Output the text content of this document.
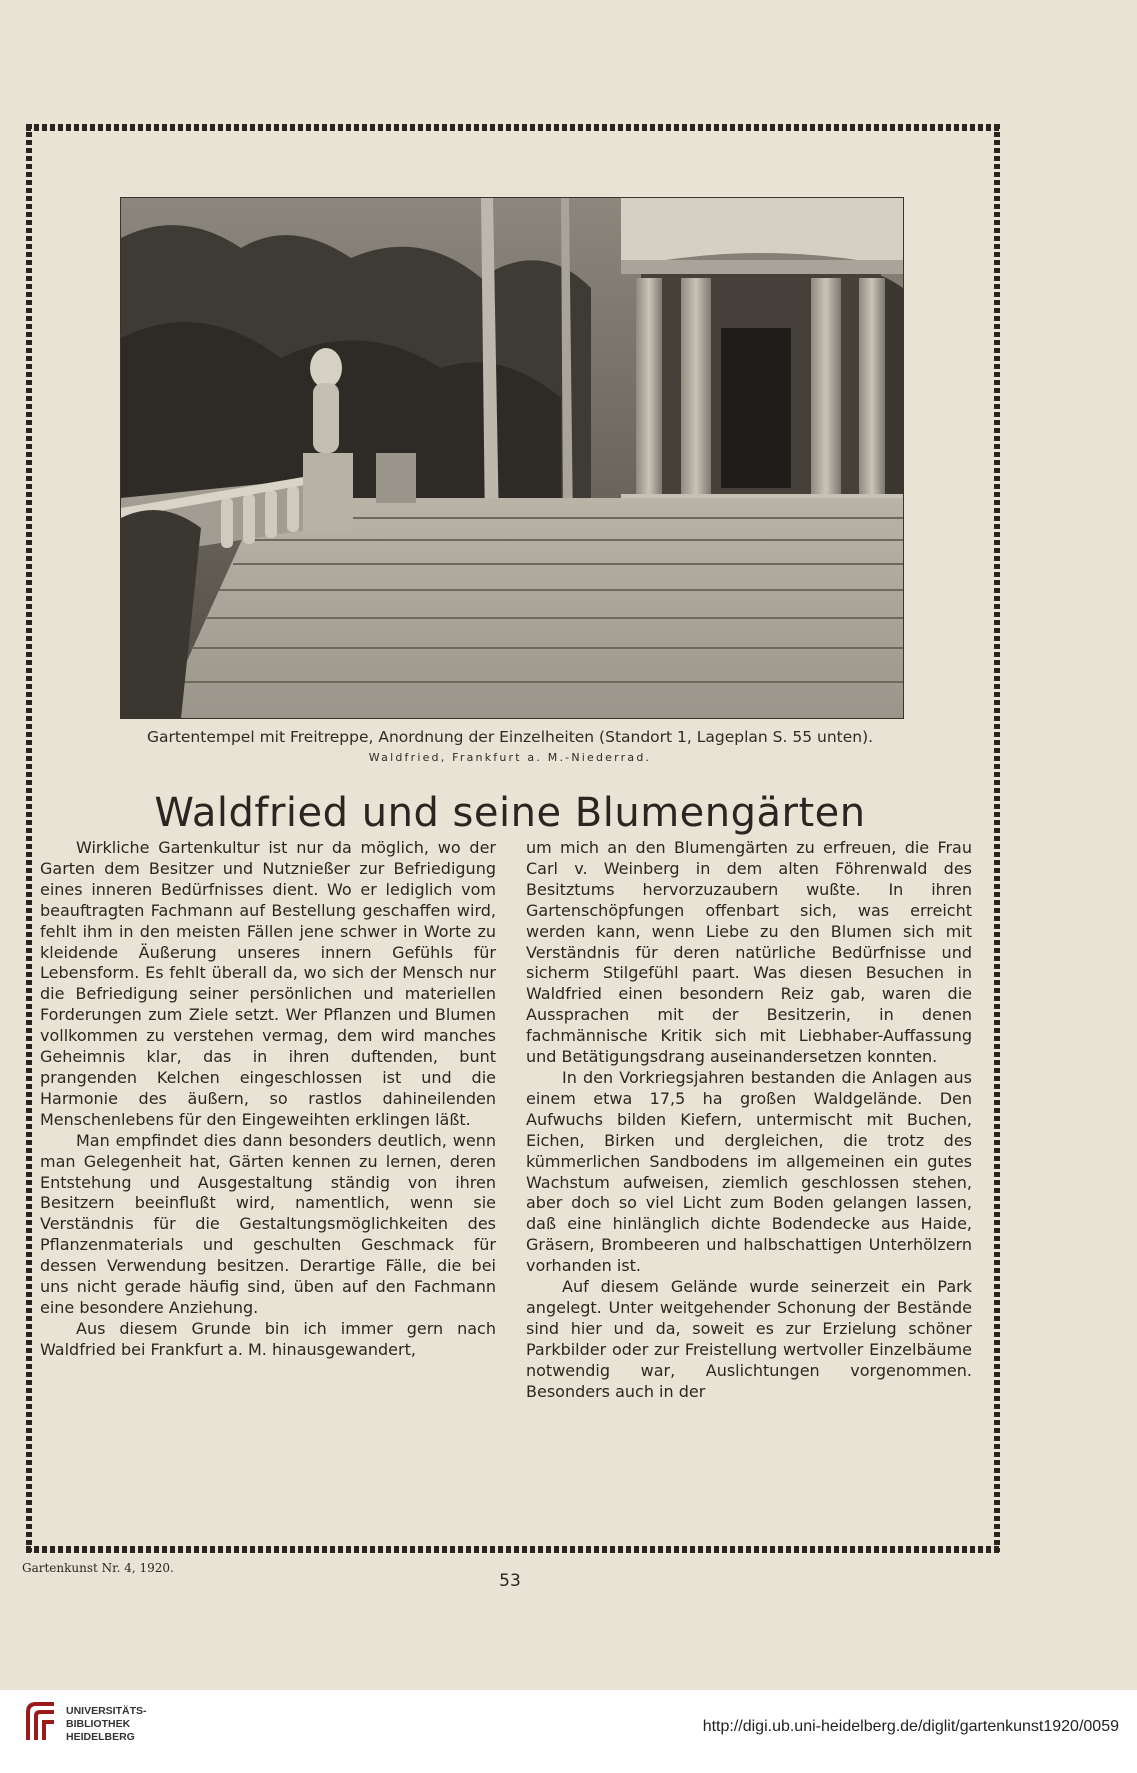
Gartentempel mit Freitreppe, Anordnung der Einzelheiten (Standort 1, Lageplan S. 55 unten).
Waldfried, Frankfurt a. M.-Niederrad.
Waldfried und seine Blumengärten

Wirkliche Gartenkultur ist nur da möglich, wo der Garten dem Besitzer und Nutznießer zur Befriedigung eines inneren Bedürfnisses dient. Wo er lediglich vom beauftragten Fachmann auf Bestellung geschaffen wird, fehlt ihm in den meisten Fällen jene schwer in Worte zu kleidende Äußerung unseres innern Gefühls für Lebensform. Es fehlt überall da, wo sich der Mensch nur die Befriedigung seiner persönlichen und materiellen Forderungen zum Ziele setzt. Wer Pflanzen und Blumen vollkommen zu verstehen vermag, dem wird manches Geheimnis klar, das in ihren duftenden, bunt prangenden Kelchen eingeschlossen ist und die Harmonie des äußern, so rastlos dahineilenden Menschenlebens für den Eingeweihten erklingen läßt.

Man empfindet dies dann besonders deutlich, wenn man Gelegenheit hat, Gärten kennen zu lernen, deren Entstehung und Ausgestaltung ständig von ihren Besitzern beeinflußt wird, namentlich, wenn sie Verständnis für die Gestaltungsmöglichkeiten des Pflanzenmaterials und geschulten Geschmack für dessen Verwendung besitzen. Derartige Fälle, die bei uns nicht gerade häufig sind, üben auf den Fachmann eine besondere Anziehung.

Aus diesem Grunde bin ich immer gern nach Waldfried bei Frankfurt a. M. hinausgewandert,

um mich an den Blumengärten zu erfreuen, die Frau Carl v. Weinberg in dem alten Föhrenwald des Besitztums hervorzuzaubern wußte. In ihren Gartenschöpfungen offenbart sich, was erreicht werden kann, wenn Liebe zu den Blumen sich mit Verständnis für deren natürliche Bedürfnisse und sicherm Stilgefühl paart. Was diesen Besuchen in Waldfried einen besondern Reiz gab, waren die Aussprachen mit der Besitzerin, in denen fachmännische Kritik sich mit Liebhaber-Auffassung und Betätigungsdrang auseinandersetzen konnten.

In den Vorkriegsjahren bestanden die Anlagen aus einem etwa 17,5 ha großen Waldgelände. Den Aufwuchs bilden Kiefern, untermischt mit Buchen, Eichen, Birken und dergleichen, die trotz des kümmerlichen Sandbodens im allgemeinen ein gutes Wachstum aufweisen, ziemlich geschlossen stehen, aber doch so viel Licht zum Boden gelangen lassen, daß eine hinlänglich dichte Bodendecke aus Haide, Gräsern, Brombeeren und halbschattigen Unterhölzern vorhanden ist.

Auf diesem Gelände wurde seinerzeit ein Park angelegt. Unter weitgehender Schonung der Bestände sind hier und da, soweit es zur Erzielung schöner Parkbilder oder zur Freistellung wertvoller Einzelbäume notwendig war, Auslichtungen vorgenommen. Besonders auch in der

Gartenkunst Nr. 4, 1920.
53
UNIVERSITÄTS-
BIBLIOTHEK
HEIDELBERG
http://digi.ub.uni-heidelberg.de/diglit/gartenkunst1920/0059
